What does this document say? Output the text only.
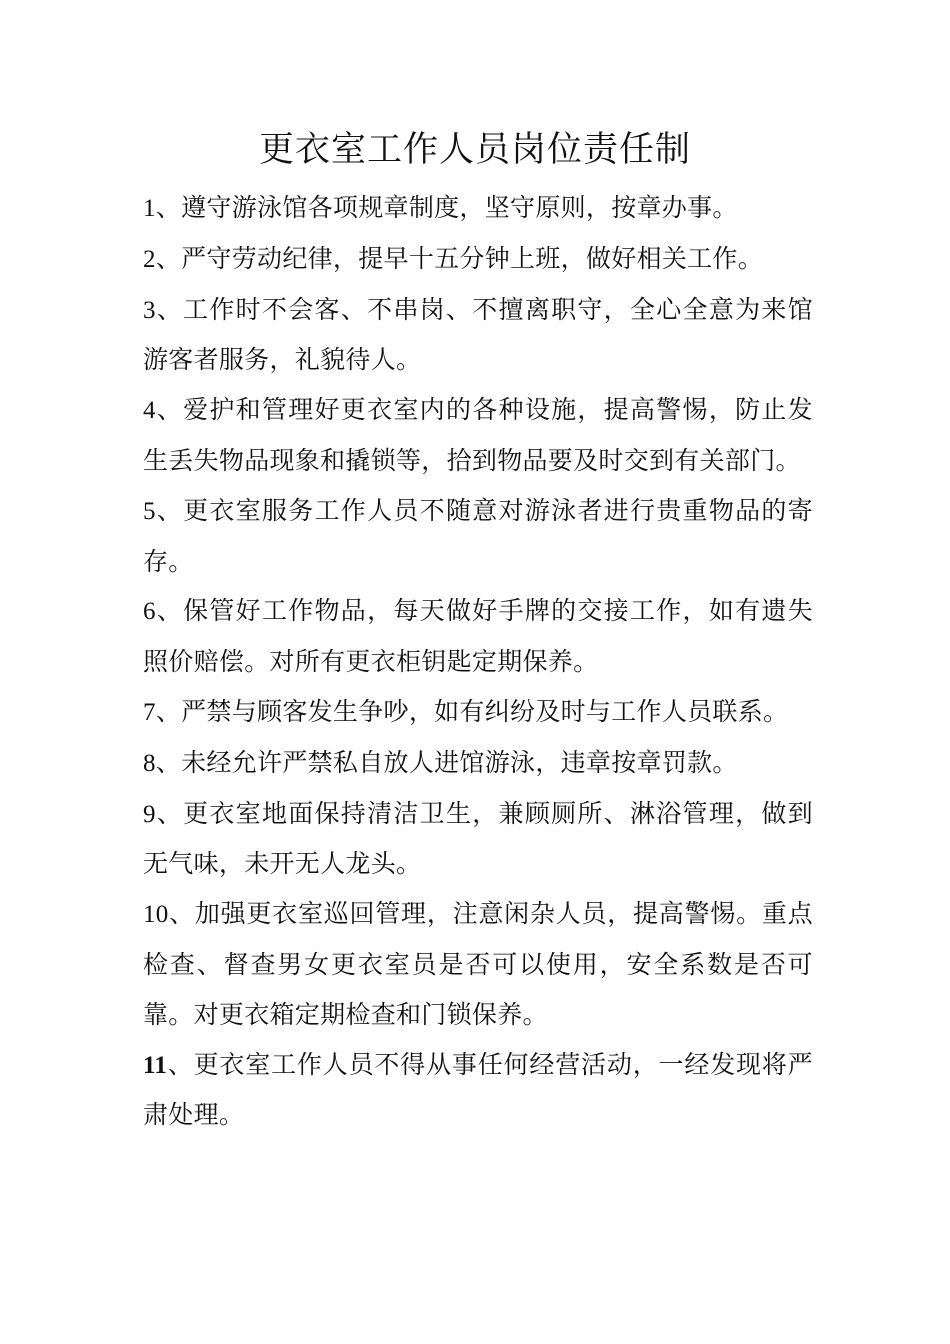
更衣室工作人员岗位责任制

1、遵守游泳馆各项规章制度，坚守原则，按章办事。

2、严守劳动纪律，提早十五分钟上班，做好相关工作。

3、工作时不会客、不串岗、不擅离职守，全心全意为来馆游客者服务，礼貌待人。

4、爱护和管理好更衣室内的各种设施，提高警惕，防止发生丢失物品现象和撬锁等，拾到物品要及时交到有关部门。

5、更衣室服务工作人员不随意对游泳者进行贵重物品的寄存。

6、保管好工作物品，每天做好手牌的交接工作，如有遗失照价赔偿。对所有更衣柜钥匙定期保养。

7、严禁与顾客发生争吵，如有纠纷及时与工作人员联系。

8、未经允许严禁私自放人进馆游泳，违章按章罚款。

9、更衣室地面保持清洁卫生，兼顾厕所、淋浴管理，做到无气味，未开无人龙头。

10、加强更衣室巡回管理，注意闲杂人员，提高警惕。重点检查、督查男女更衣室员是否可以使用，安全系数是否可靠。对更衣箱定期检查和门锁保养。

11、更衣室工作人员不得从事任何经营活动，一经发现将严肃处理。
